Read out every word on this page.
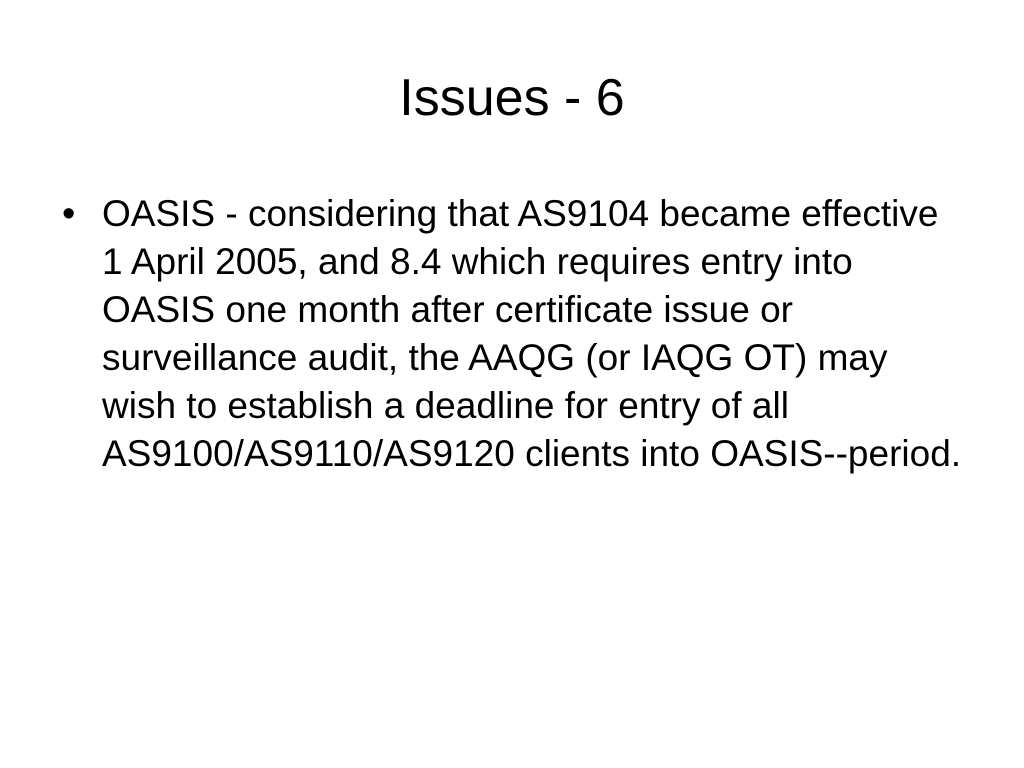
Issues - 6
• OASIS - considering that AS9104 became effective 1 April 2005, and 8.4 which requires entry into OASIS one month after certificate issue or surveillance audit, the AAQG (or IAQG OT) may wish to establish a deadline for entry of all AS9100/AS9110/AS9120 clients into OASIS--period.
